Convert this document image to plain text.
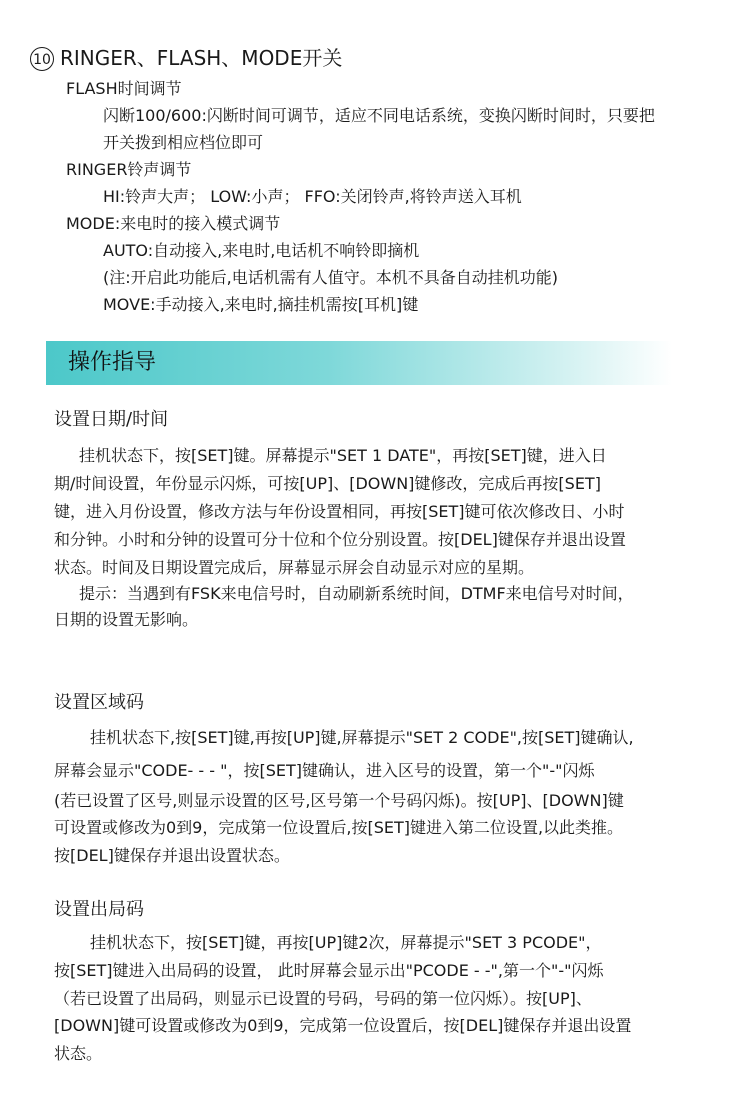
10 RINGER、FLASH、MODE开关
FLASH时间调节
闪断100/600:闪断时间可调节，适应不同电话系统，变换闪断时间时，只要把
开关拨到相应档位即可
RINGER铃声调节
HI:铃声大声； LOW:小声； FFO:关闭铃声,将铃声送入耳机
MODE:来电时的接入模式调节
AUTO:自动接入,来电时,电话机不响铃即摘机
(注:开启此功能后,电话机需有人值守。本机不具备自动挂机功能)
MOVE:手动接入,来电时,摘挂机需按[耳机]键
操作指导
设置日期/时间
挂机状态下，按[SET]键。屏幕提示"SET 1 DATE"，再按[SET]键，进入日
期/时间设置，年份显示闪烁，可按[UP]、[DOWN]键修改，完成后再按[SET]
键，进入月份设置，修改方法与年份设置相同，再按[SET]键可依次修改日、小时
和分钟。小时和分钟的设置可分十位和个位分别设置。按[DEL]键保存并退出设置
状态。时间及日期设置完成后，屏幕显示屏会自动显示对应的星期。
提示：当遇到有FSK来电信号时，自动刷新系统时间，DTMF来电信号对时间，
日期的设置无影响。
设置区域码
挂机状态下,按[SET]键,再按[UP]键,屏幕提示"SET 2 CODE",按[SET]键确认,
屏幕会显示"CODE- - - "，按[SET]键确认，进入区号的设置，第一个"-"闪烁
(若已设置了区号,则显示设置的区号,区号第一个号码闪烁)。按[UP]、[DOWN]键
可设置或修改为0到9，完成第一位设置后,按[SET]键进入第二位设置,以此类推。
按[DEL]键保存并退出设置状态。
设置出局码
挂机状态下，按[SET]键，再按[UP]键2次，屏幕提示"SET 3 PCODE"，
按[SET]键进入出局码的设置， 此时屏幕会显示出"PCODE - -",第一个"-"闪烁
（若已设置了出局码，则显示已设置的号码，号码的第一位闪烁）。按[UP]、
[DOWN]键可设置或修改为0到9，完成第一位设置后，按[DEL]键保存并退出设置
状态。
